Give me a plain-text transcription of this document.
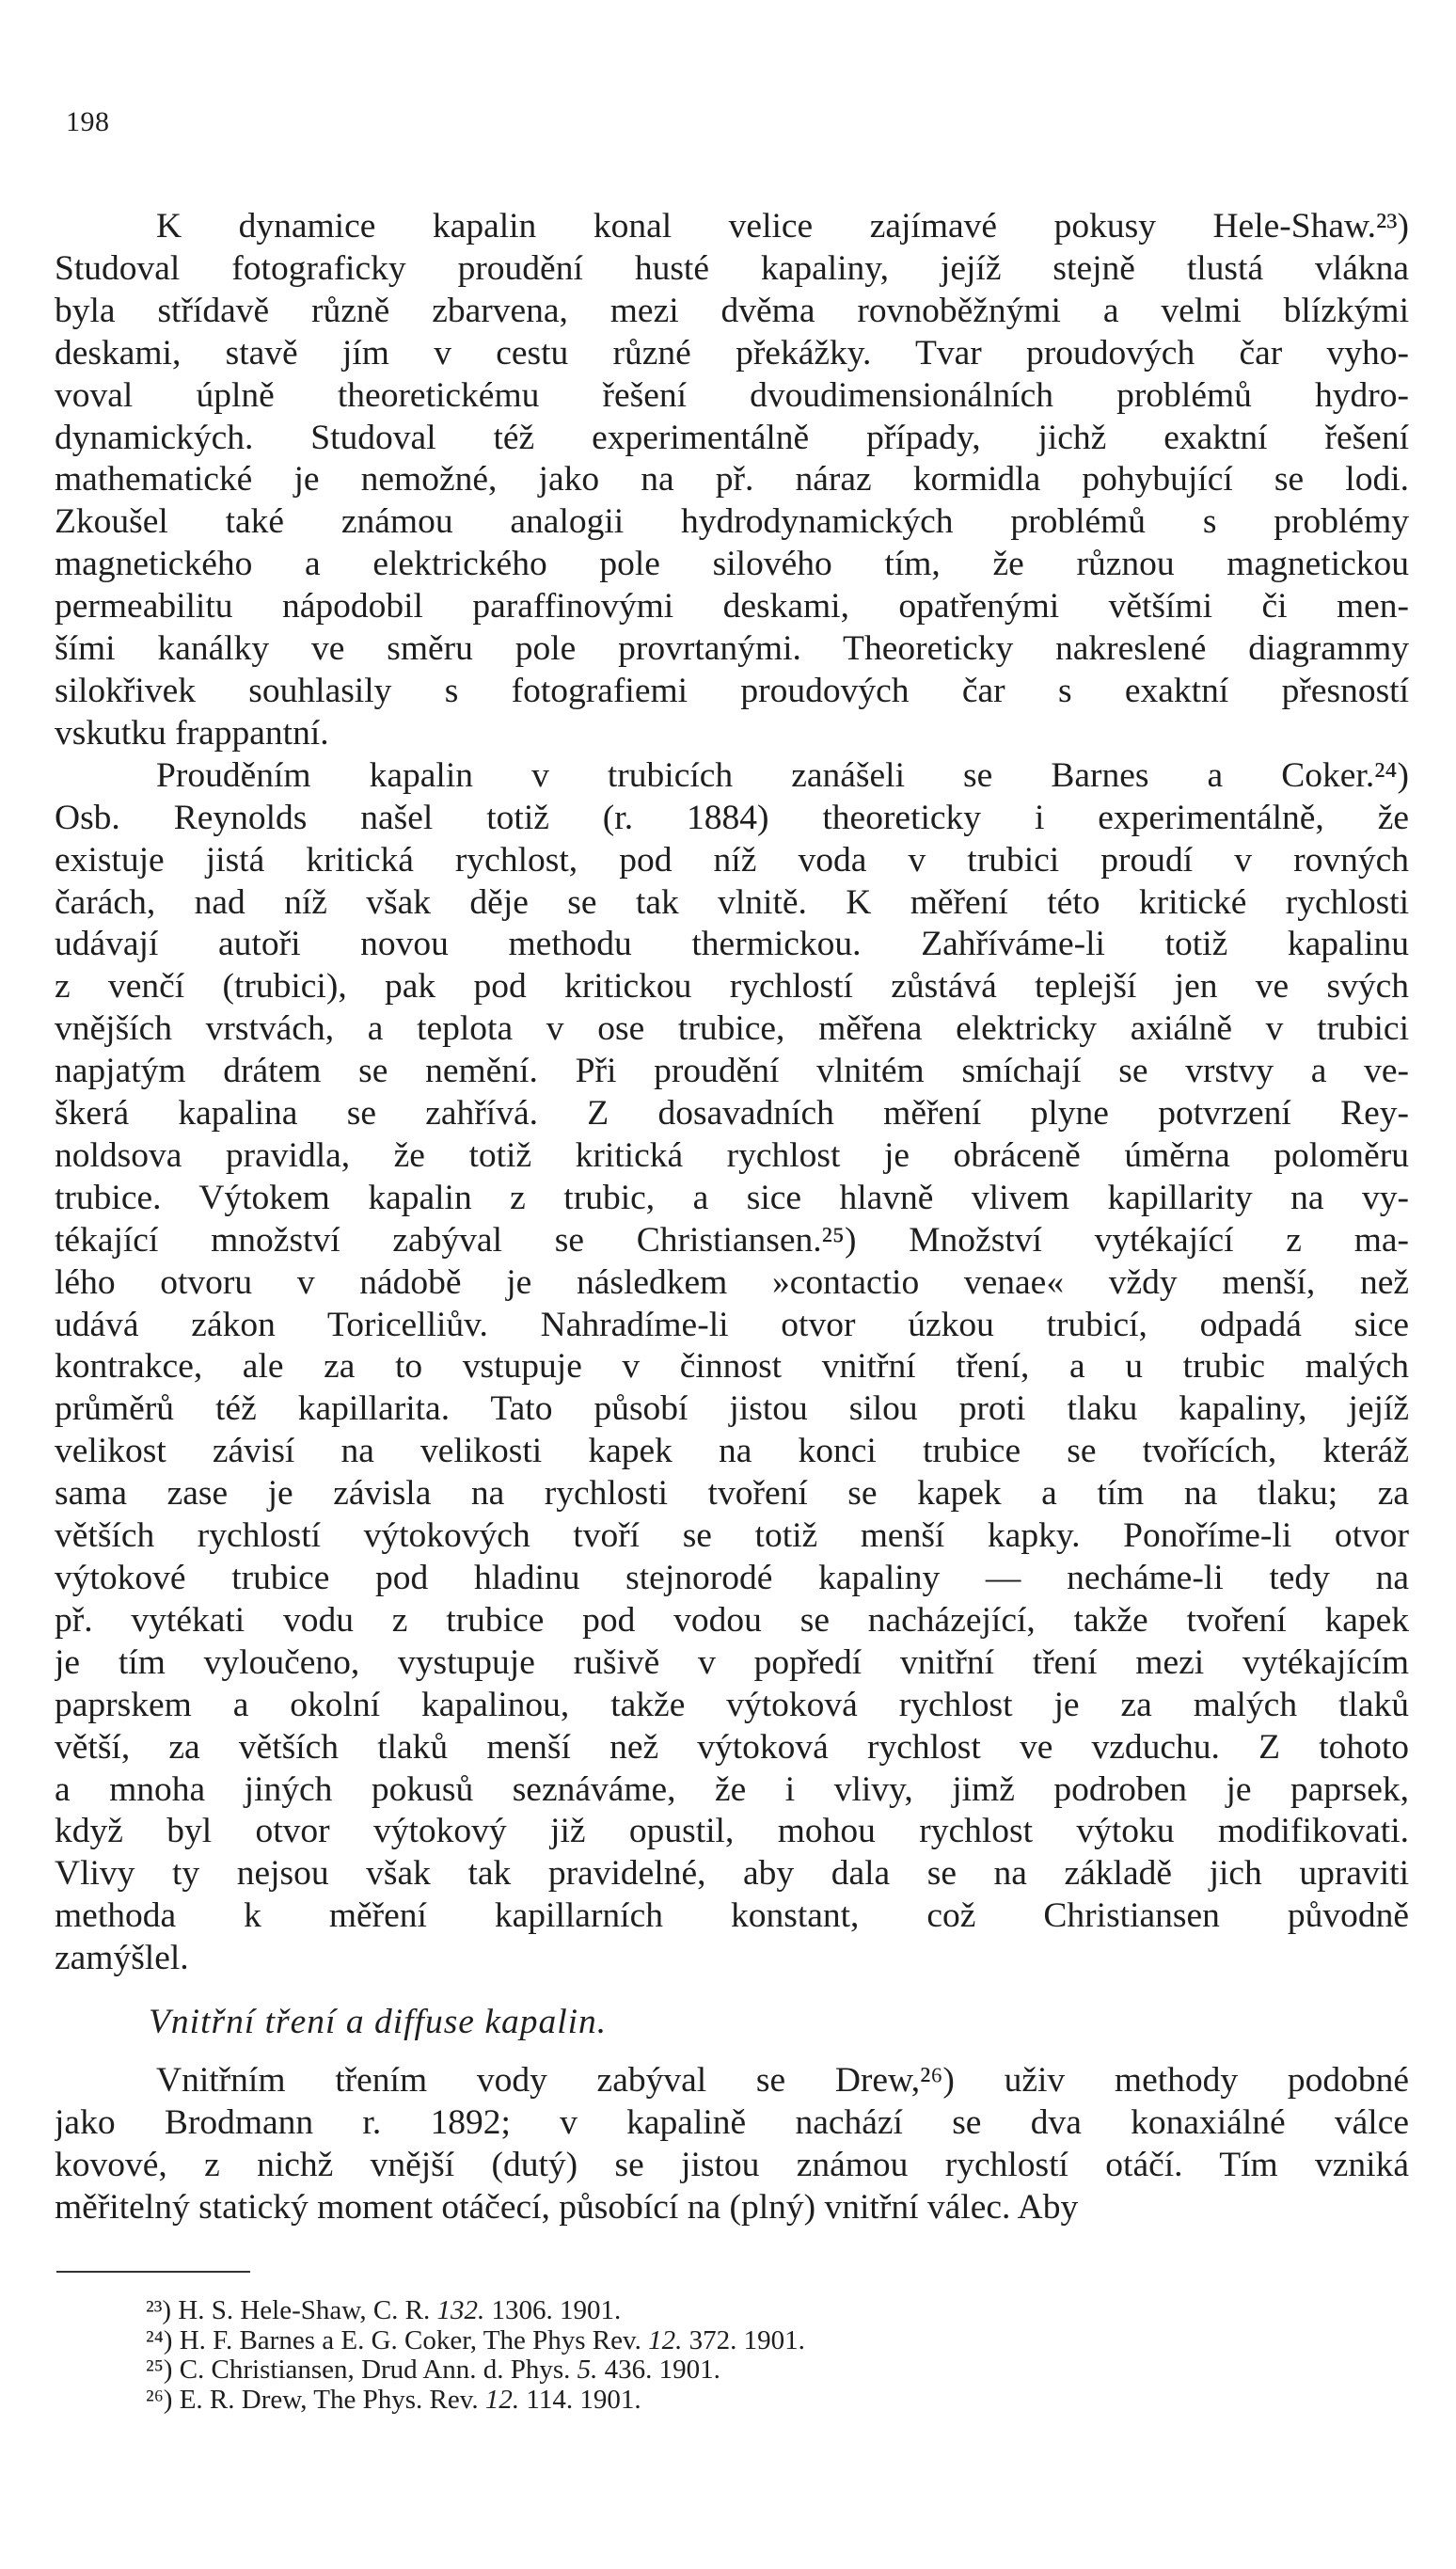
198
K dynamice kapalin konal velice zajímavé pokusy Hele-Shaw.²³)
Studoval fotograficky proudění husté kapaliny, jejíž stejně tlustá vlákna
byla střídavě různě zbarvena, mezi dvěma rovnoběžnými a velmi blízkými
deskami, stavě jím v cestu různé překážky. Tvar proudových čar vyho-
voval úplně theoretickému řešení dvoudimensionálních problémů hydro-
dynamických. Studoval též experimentálně případy, jichž exaktní řešení
mathematické je nemožné, jako na př. náraz kormidla pohybující se lodi.
Zkoušel také známou analogii hydrodynamických problémů s problémy
magnetického a elektrického pole silového tím, že různou magnetickou
permeabilitu nápodobil paraffinovými deskami, opatřenými většími či men-
šími kanálky ve směru pole provrtanými. Theoreticky nakreslené diagrammy
silokřivek souhlasily s fotografiemi proudových čar s exaktní přesností
vskutku frappantní.
Prouděním kapalin v trubicích zanášeli se Barnes a Coker.²⁴)
Osb. Reynolds našel totiž (r. 1884) theoreticky i experimentálně, že
existuje jistá kritická rychlost, pod níž voda v trubici proudí v rovných
čarách, nad níž však děje se tak vlnitě. K měření této kritické rychlosti
udávají autoři novou methodu thermickou. Zahříváme-li totiž kapalinu
z venčí (trubici), pak pod kritickou rychlostí zůstává teplejší jen ve svých
vnějších vrstvách, a teplota v ose trubice, měřena elektricky axiálně v trubici
napjatým drátem se nemění. Při proudění vlnitém smíchají se vrstvy a ve-
škerá kapalina se zahřívá. Z dosavadních měření plyne potvrzení Rey-
noldsova pravidla, že totiž kritická rychlost je obráceně úměrna poloměru
trubice. Výtokem kapalin z trubic, a sice hlavně vlivem kapillarity na vy-
tékající množství zabýval se Christiansen.²⁵) Množství vytékající z ma-
lého otvoru v nádobě je následkem »contactio venae« vždy menší, než
udává zákon Toricelliův. Nahradíme-li otvor úzkou trubicí, odpadá sice
kontrakce, ale za to vstupuje v činnost vnitřní tření, a u trubic malých
průměrů též kapillarita. Tato působí jistou silou proti tlaku kapaliny, jejíž
velikost závisí na velikosti kapek na konci trubice se tvořících, kteráž
sama zase je závisla na rychlosti tvoření se kapek a tím na tlaku; za
větších rychlostí výtokových tvoří se totiž menší kapky. Ponoříme-li otvor
výtokové trubice pod hladinu stejnorodé kapaliny — necháme-li tedy na
př. vytékati vodu z trubice pod vodou se nacházející, takže tvoření kapek
je tím vyloučeno, vystupuje rušivě v popředí vnitřní tření mezi vytékajícím
paprskem a okolní kapalinou, takže výtoková rychlost je za malých tlaků
větší, za větších tlaků menší než výtoková rychlost ve vzduchu. Z tohoto
a mnoha jiných pokusů seznáváme, že i vlivy, jimž podroben je paprsek,
když byl otvor výtokový již opustil, mohou rychlost výtoku modifikovati.
Vlivy ty nejsou však tak pravidelné, aby dala se na základě jich upraviti
methoda k měření kapillarních konstant, což Christiansen původně
zamýšlel.
Vnitřní tření a diffuse kapalin.
Vnitřním třením vody zabýval se Drew,²⁶) uživ methody podobné
jako Brodmann r. 1892; v kapalině nachází se dva konaxiálné válce
kovové, z nichž vnější (dutý) se jistou známou rychlostí otáčí. Tím vzniká
měřitelný statický moment otáčecí, působící na (plný) vnitřní válec. Aby
²³) H. S. Hele-Shaw, C. R. 132. 1306. 1901.
²⁴) H. F. Barnes a E. G. Coker, The Phys Rev. 12. 372. 1901.
²⁵) C. Christiansen, Drud Ann. d. Phys. 5. 436. 1901.
²⁶) E. R. Drew, The Phys. Rev. 12. 114. 1901.
